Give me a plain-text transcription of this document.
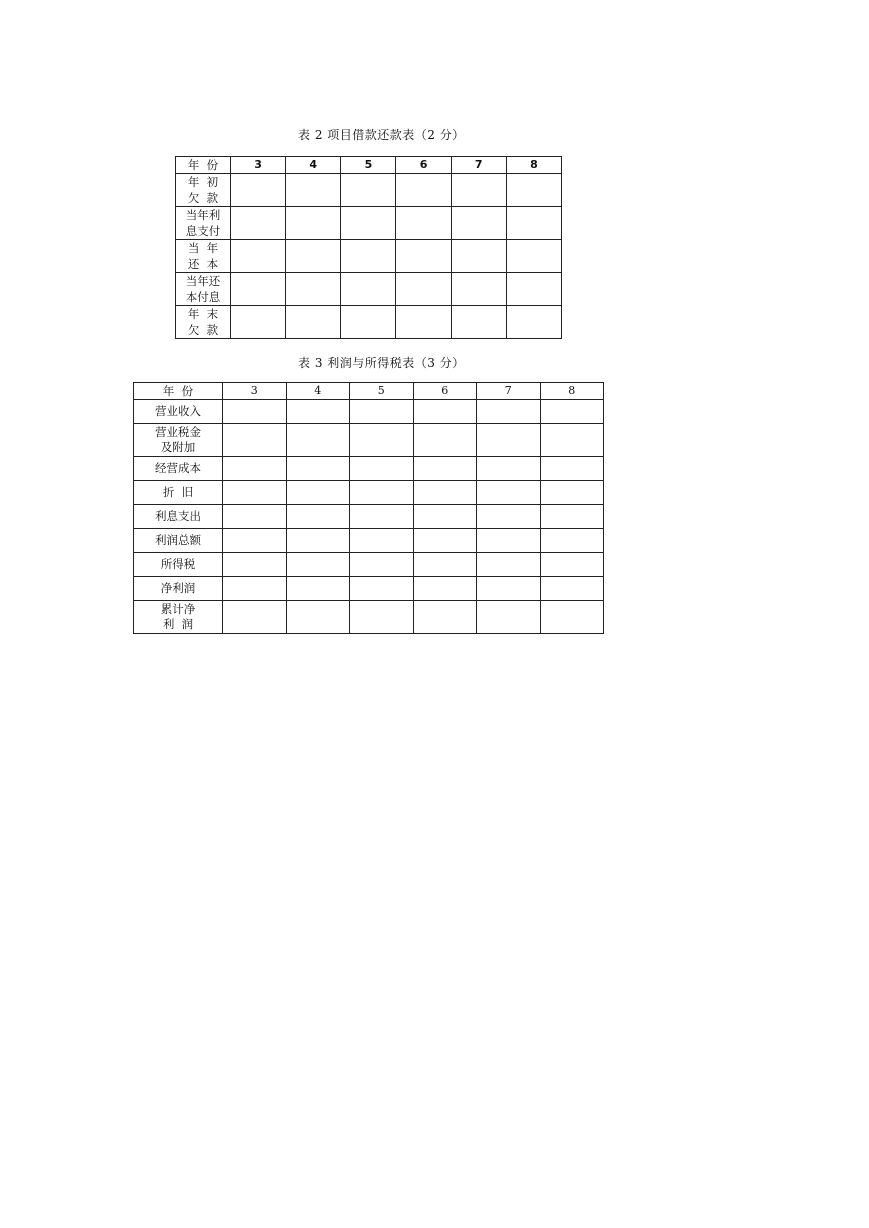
表 2 项目借款还款表（2 分）
年  份	3	4	5	6	7	8

年  初
欠  款						

当年利
息支付						

当  年
还  本						

当年还
本付息						

年  末
欠  款						

表 3 利润与所得税表（3 分）
年  份	3	4	5	6	7	8

营业收入						

营业税金
及附加						

经营成本						

折  旧						

利息支出						

利润总额						

所得税						

净利润						

累计净
利  润						
